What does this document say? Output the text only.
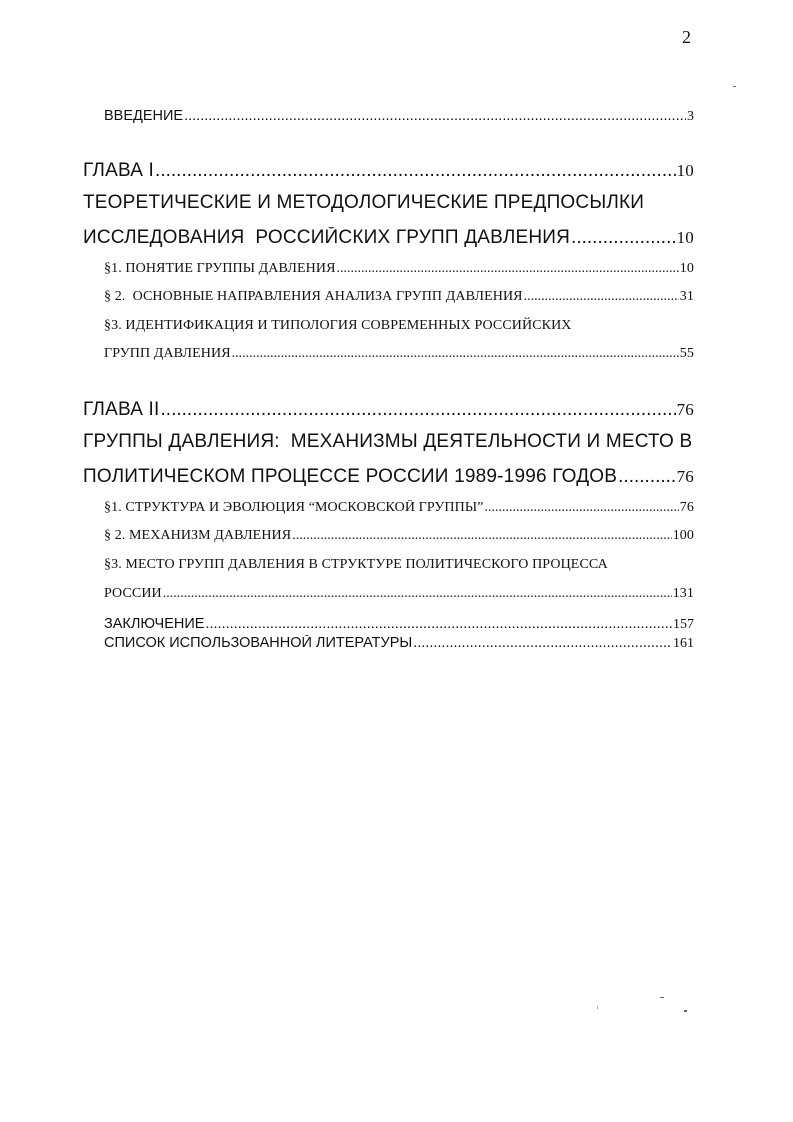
2
ВВЕДЕНИЕ .....	3
ГЛАВА I .....	10
ТЕОРЕТИЧЕСКИЕ И МЕТОДОЛОГИЧЕСКИЕ ПРЕДПОСЫЛКИ
ИССЛЕДОВАНИЯ  РОССИЙСКИХ ГРУПП ДАВЛЕНИЯ .....	10
§1. ПОНЯТИЕ ГРУППЫ ДАВЛЕНИЯ .....	10
§ 2.  ОСНОВНЫЕ НАПРАВЛЕНИЯ АНАЛИЗА ГРУПП ДАВЛЕНИЯ .....	31
§3. ИДЕНТИФИКАЦИЯ И ТИПОЛОГИЯ СОВРЕМЕННЫХ РОССИЙСКИХ
ГРУПП ДАВЛЕНИЯ .....	55
ГЛАВА II .....	76
ГРУППЫ ДАВЛЕНИЯ:  МЕХАНИЗМЫ ДЕЯТЕЛЬНОСТИ И МЕСТО В
ПОЛИТИЧЕСКОМ ПРОЦЕССЕ РОССИИ 1989-1996 ГОДОВ .....	76
§1. СТРУКТУРА И ЭВОЛЮЦИЯ “МОСКОВСКОЙ ГРУППЫ” .....	76
§ 2. МЕХАНИЗМ ДАВЛЕНИЯ .....	100
§3. МЕСТО ГРУПП ДАВЛЕНИЯ В СТРУКТУРЕ ПОЛИТИЧЕСКОГО ПРОЦЕССА
РОССИИ .....	131
ЗАКЛЮЧЕНИЕ .....	157
СПИСОК ИСПОЛЬЗОВАННОЙ ЛИТЕРАТУРЫ .....	161
